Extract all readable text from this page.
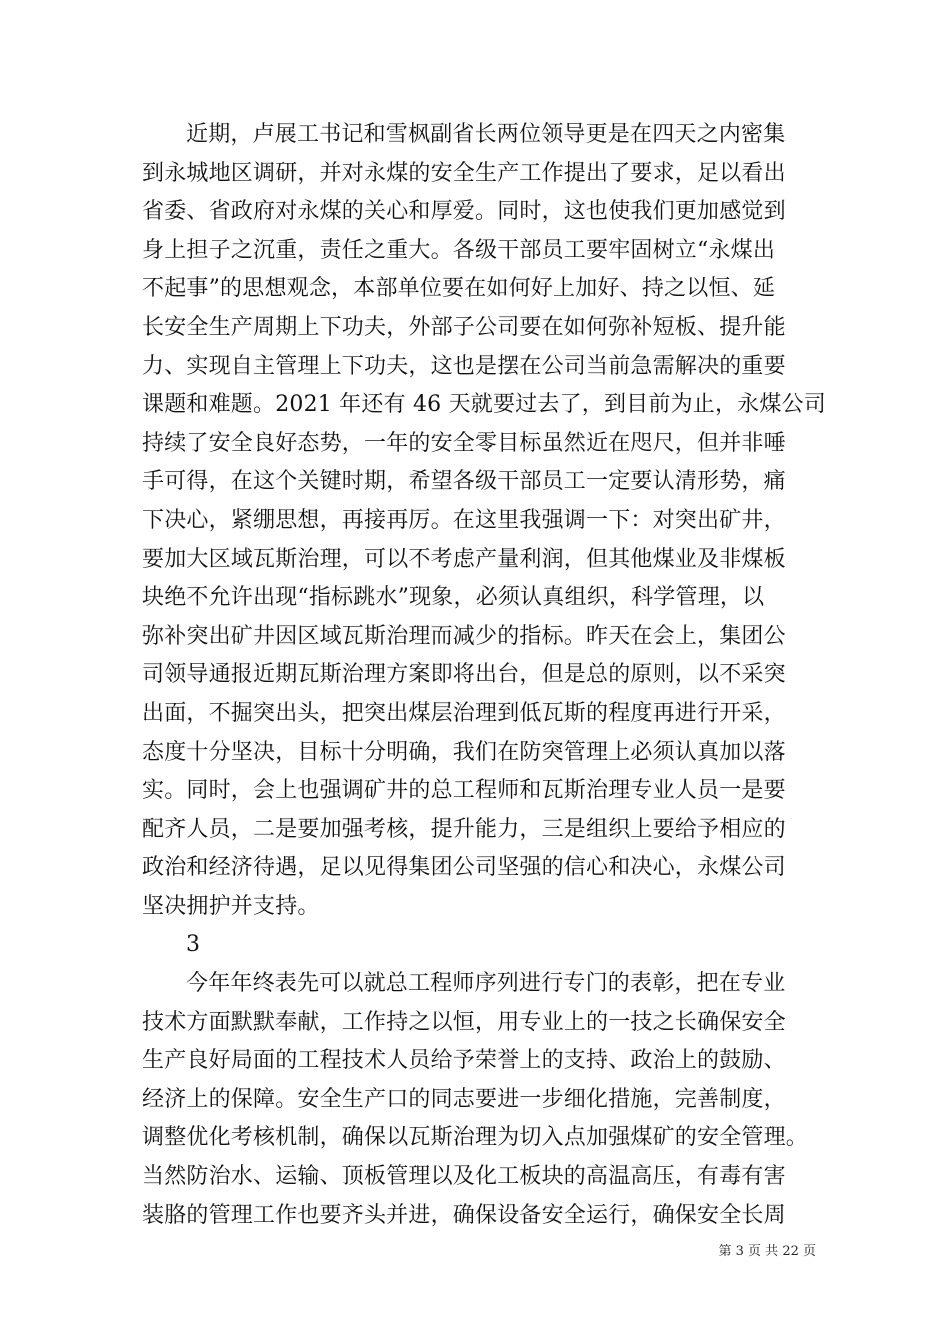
近期，卢展工书记和雪枫副省长两位领导更是在四天之内密集
到永城地区调研，并对永煤的安全生产工作提出了要求，足以看出
省委、省政府对永煤的关心和厚爱。同时，这也使我们更加感觉到
身上担子之沉重，责任之重大。各级干部员工要牢固树立“永煤出
不起事”的思想观念，本部单位要在如何好上加好、持之以恒、延
长安全生产周期上下功夫，外部子公司要在如何弥补短板、提升能
力、实现自主管理上下功夫，这也是摆在公司当前急需解决的重要
课题和难题。2021 年还有 46 天就要过去了，到目前为止，永煤公司
持续了安全良好态势，一年的安全零目标虽然近在咫尺，但并非唾
手可得，在这个关键时期，希望各级干部员工一定要认清形势，痛
下决心，紧绷思想，再接再厉。在这里我强调一下：对突出矿井，
要加大区域瓦斯治理，可以不考虑产量利润，但其他煤业及非煤板
块绝不允许出现“指标跳水”现象，必须认真组织，科学管理，以
弥补突出矿井因区域瓦斯治理而减少的指标。昨天在会上，集团公
司领导通报近期瓦斯治理方案即将出台，但是总的原则，以不采突
出面，不掘突出头，把突出煤层治理到低瓦斯的程度再进行开采，
态度十分坚决，目标十分明确，我们在防突管理上必须认真加以落
实。同时，会上也强调矿井的总工程师和瓦斯治理专业人员一是要
配齐人员，二是要加强考核，提升能力，三是组织上要给予相应的
政治和经济待遇，足以见得集团公司坚强的信心和决心，永煤公司
坚决拥护并支持。
3
今年年终表先可以就总工程师序列进行专门的表彰，把在专业
技术方面默默奉献，工作持之以恒，用专业上的一技之长确保安全
生产良好局面的工程技术人员给予荣誉上的支持、政治上的鼓励、
经济上的保障。安全生产口的同志要进一步细化措施，完善制度，
调整优化考核机制，确保以瓦斯治理为切入点加强煤矿的安全管理。
当然防治水、运输、顶板管理以及化工板块的高温高压，有毒有害
装胳的管理工作也要齐头并进，确保设备安全运行，确保安全长周
第 3 页 共 22 页
